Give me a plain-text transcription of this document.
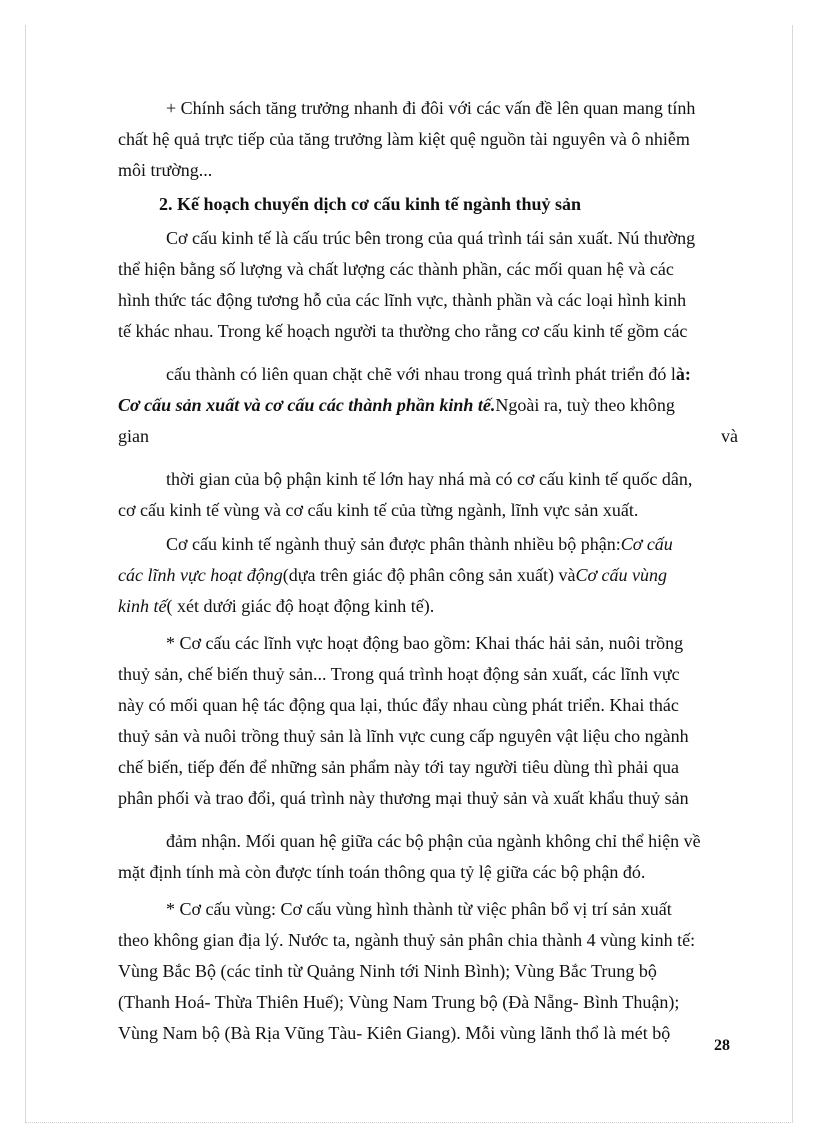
+ Chính sách tăng trưởng nhanh đi đôi với các vấn đề lên quan mang tính
chất hệ quả trực tiếp của tăng trưởng làm kiệt quệ nguồn tài nguyên và ô nhiễm
môi trường...
2. Kế hoạch chuyển dịch cơ cấu kinh tế ngành thuỷ sản
Cơ cấu kinh tế là cấu trúc bên trong của quá trình tái sản xuất. Nú thường
thể hiện bằng số lượng và chất lượng các thành phần, các mối quan hệ và các
hình thức tác động tương hỗ của các lĩnh vực, thành phần và các loại hình kinh
tế khác nhau. Trong kế hoạch người ta thường cho rằng cơ cấu kinh tế gồm các
cấu thành có liên quan chặt chẽ với nhau trong quá trình phát triển đó là:
Cơ cấu sản xuất và cơ cấu các thành phần kinh tế.Ngoài ra, tuỳ theo không
gian	và
thời gian của bộ phận kinh tế lớn hay nhá mà có cơ cấu kinh tế quốc dân,
cơ cấu kinh tế vùng và cơ cấu kinh tế của từng ngành, lĩnh vực sản xuất.
Cơ cấu kinh tế ngành thuỷ sản được phân thành nhiều bộ phận:Cơ cấu
các lĩnh vực hoạt động(dựa trên giác độ phân công sản xuất) vàCơ cấu vùng
kinh tế( xét dưới giác độ hoạt động kinh tế).
* Cơ cấu các lĩnh vực hoạt động bao gồm: Khai thác hải sản, nuôi trồng
thuỷ sản, chế biến thuỷ sản... Trong quá trình hoạt động sản xuất, các lĩnh vực
này có mối quan hệ tác động qua lại, thúc đẩy nhau cùng phát triển. Khai thác
thuỷ sản và nuôi trồng thuỷ sản là lĩnh vực cung cấp nguyên vật liệu cho ngành
chế biến, tiếp đến để những sản phẩm này tới tay người tiêu dùng thì phải qua
phân phối và trao đổi, quá trình này thương mại thuỷ sản và xuất khẩu thuỷ sản
đảm nhận. Mối quan hệ giữa các bộ phận của ngành không chỉ thể hiện về
mặt định tính mà còn được tính toán thông qua tỷ lệ giữa các bộ phận đó.
* Cơ cấu vùng: Cơ cấu vùng hình thành từ việc phân bổ vị trí sản xuất
theo không gian địa lý. Nước ta, ngành thuỷ sản phân chia thành 4 vùng kinh tế:
Vùng Bắc Bộ (các tỉnh từ Quảng Ninh tới Ninh Bình); Vùng Bắc Trung bộ
(Thanh Hoá- Thừa Thiên Huế); Vùng Nam Trung bộ (Đà Nẵng- Bình Thuận);
Vùng Nam bộ (Bà Rịa Vũng Tàu- Kiên Giang). Mỗi vùng lãnh thổ là mét bộ
28
